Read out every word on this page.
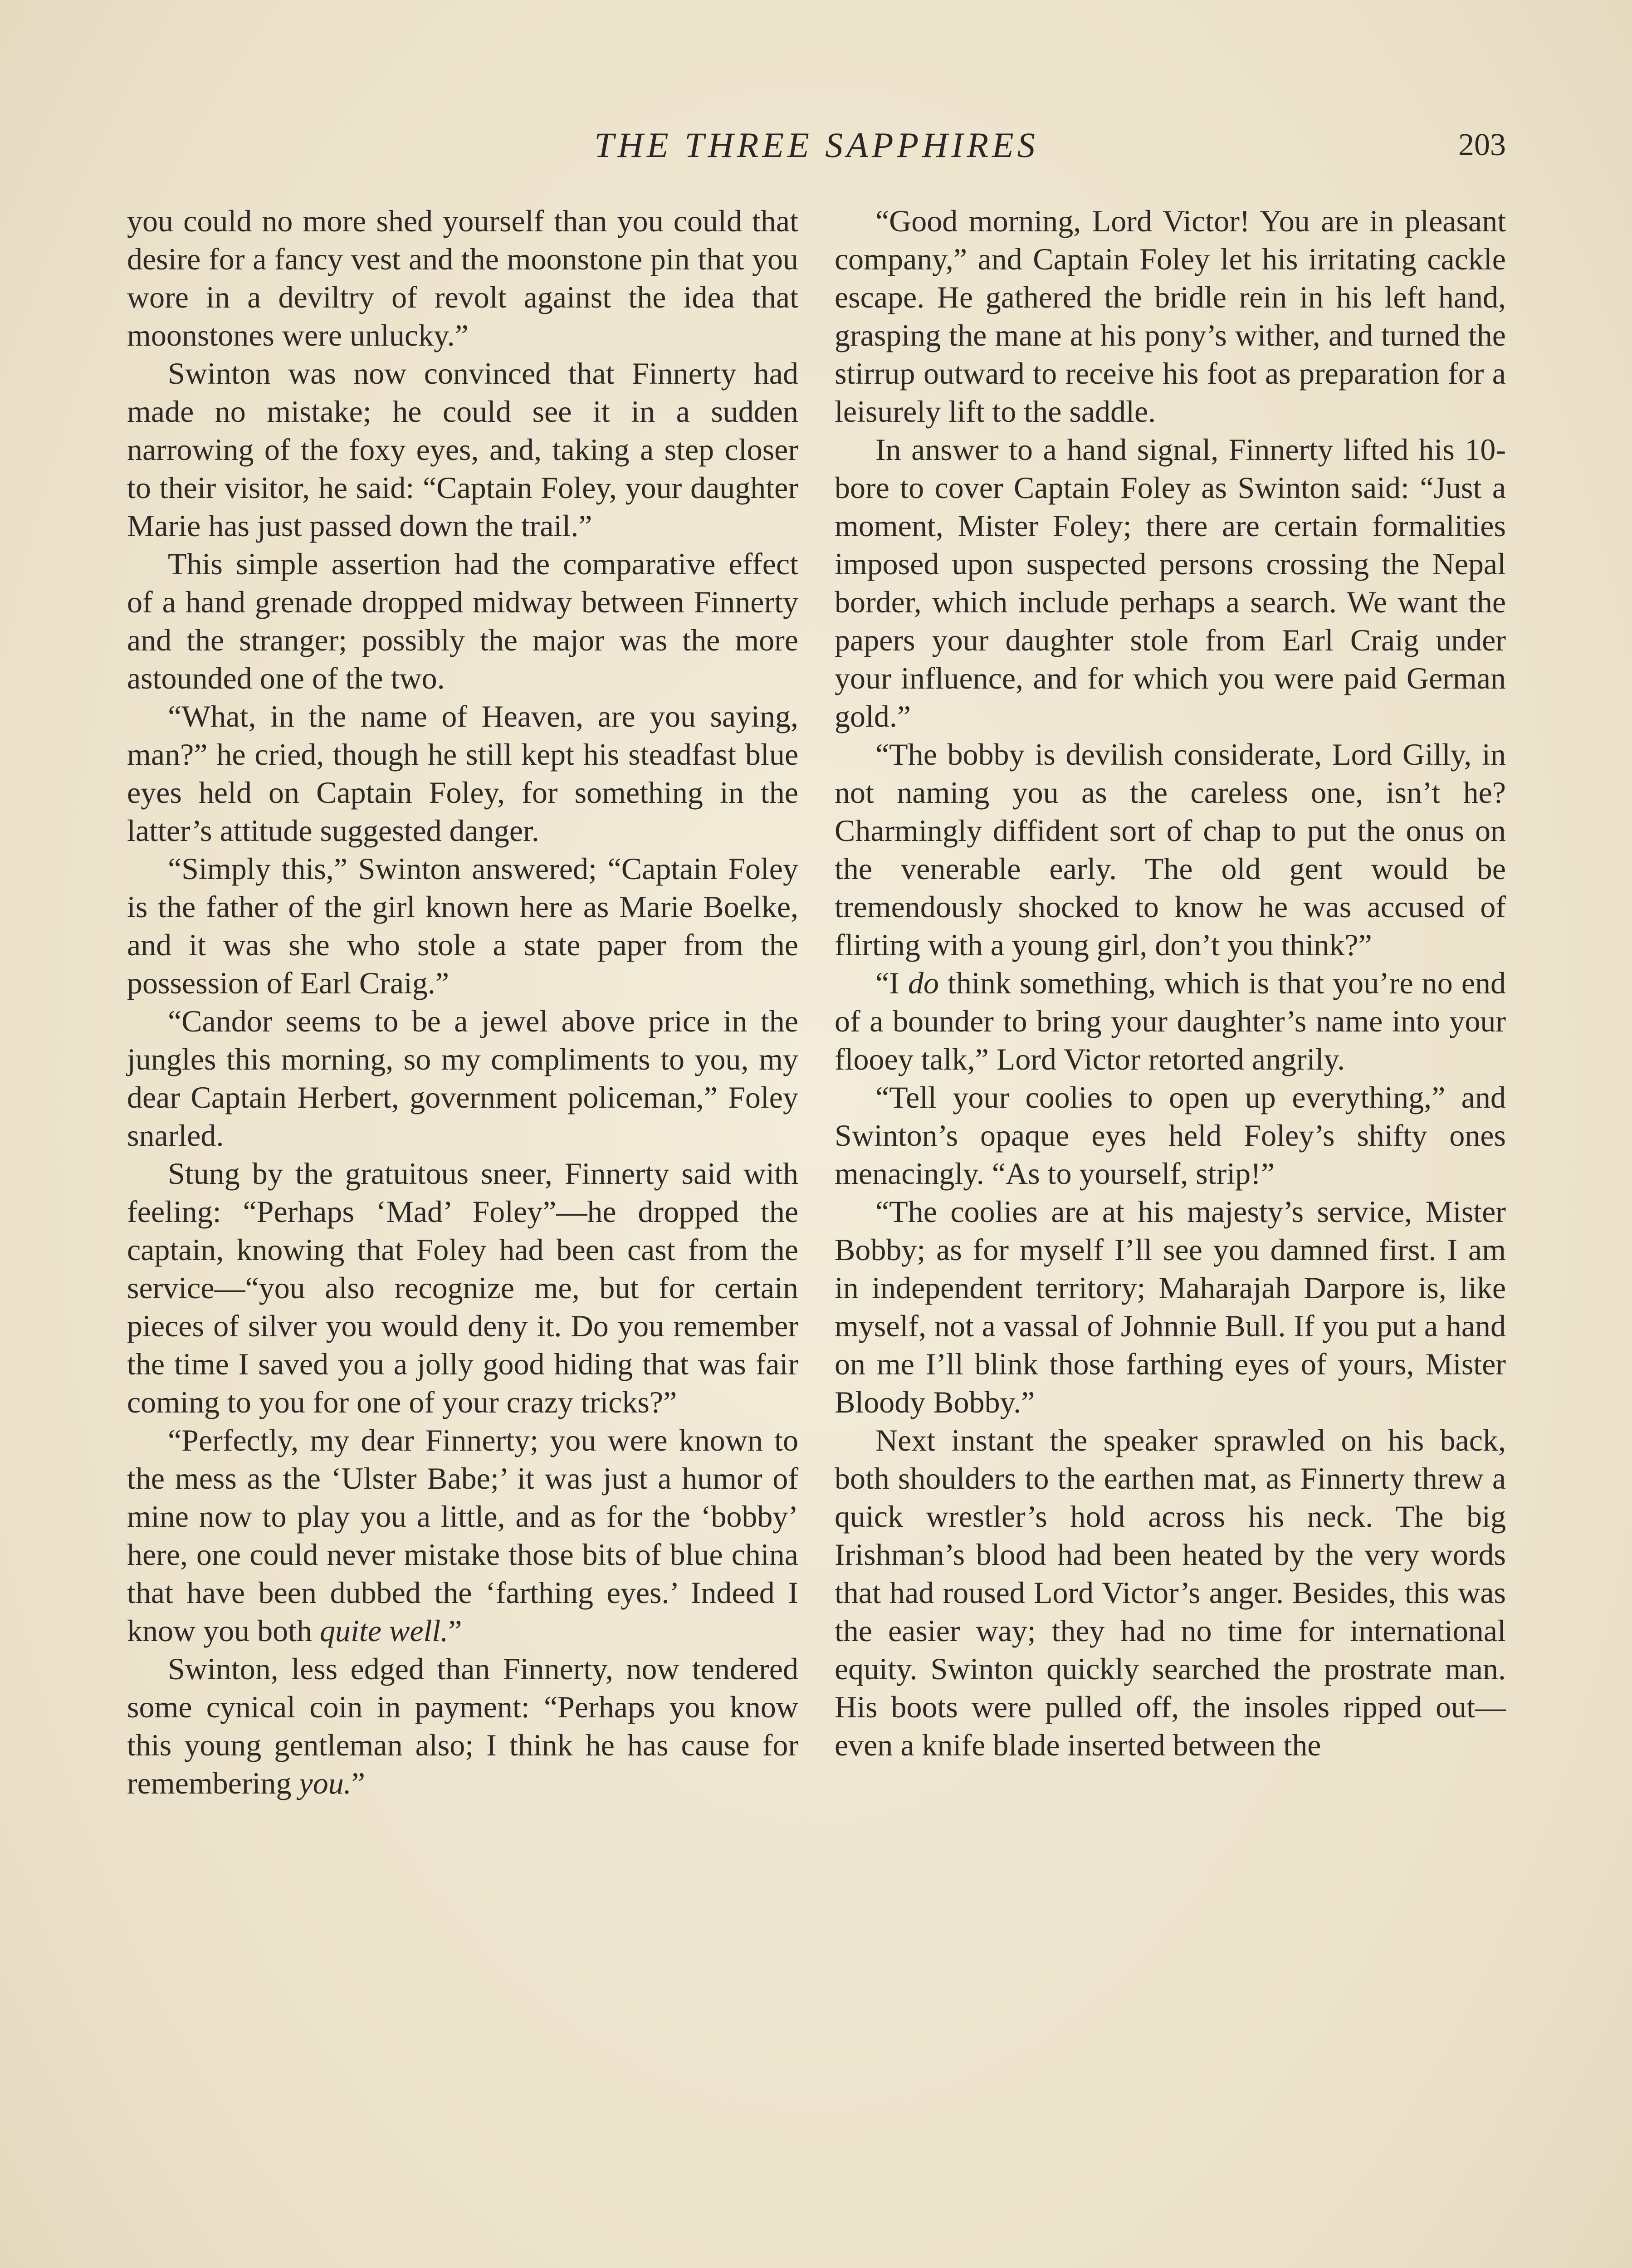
THE THREE SAPPHIRES	203

you could no more shed yourself than you could that desire for a fancy vest and the moonstone pin that you wore in a deviltry of revolt against the idea that moonstones were unlucky.”

Swinton was now convinced that Finnerty had made no mistake; he could see it in a sudden narrowing of the foxy eyes, and, taking a step closer to their visitor, he said: “Captain Foley, your daughter Marie has just passed down the trail.”

This simple assertion had the comparative effect of a hand grenade dropped midway between Finnerty and the stranger; possibly the major was the more astounded one of the two.

“What, in the name of Heaven, are you saying, man?” he cried, though he still kept his steadfast blue eyes held on Captain Foley, for something in the latter’s attitude suggested danger.

“Simply this,” Swinton answered; “Captain Foley is the father of the girl known here as Marie Boelke, and it was she who stole a state paper from the possession of Earl Craig.”

“Candor seems to be a jewel above price in the jungles this morning, so my compliments to you, my dear Captain Herbert, government policeman,” Foley snarled.

Stung by the gratuitous sneer, Finnerty said with feeling: “Perhaps ‘Mad’ Foley”—he dropped the captain, knowing that Foley had been cast from the service—“you also recognize me, but for certain pieces of silver you would deny it. Do you remember the time I saved you a jolly good hiding that was fair coming to you for one of your crazy tricks?”

“Perfectly, my dear Finnerty; you were known to the mess as the ‘Ulster Babe;’ it was just a humor of mine now to play you a little, and as for the ‘bobby’ here, one could never mistake those bits of blue china that have been dubbed the ‘farthing eyes.’ Indeed I know you both quite well.”

Swinton, less edged than Finnerty, now tendered some cynical coin in payment: “Perhaps you know this young gentleman also; I think he has cause for remembering you.”

“Good morning, Lord Victor! You are in pleasant company,” and Captain Foley let his irritating cackle escape. He gathered the bridle rein in his left hand, grasping the mane at his pony’s wither, and turned the stirrup outward to receive his foot as preparation for a leisurely lift to the saddle.

In answer to a hand signal, Finnerty lifted his 10-bore to cover Captain Foley as Swinton said: “Just a moment, Mister Foley; there are certain formalities imposed upon suspected persons crossing the Nepal border, which include perhaps a search. We want the papers your daughter stole from Earl Craig under your influence, and for which you were paid German gold.”

“The bobby is devilish considerate, Lord Gilly, in not naming you as the careless one, isn’t he? Charmingly diffident sort of chap to put the onus on the venerable early. The old gent would be tremendously shocked to know he was accused of flirting with a young girl, don’t you think?”

“I do think something, which is that you’re no end of a bounder to bring your daughter’s name into your flooey talk,” Lord Victor retorted angrily.

“Tell your coolies to open up everything,” and Swinton’s opaque eyes held Foley’s shifty ones menacingly. “As to yourself, strip!”

“The coolies are at his majesty’s service, Mister Bobby; as for myself I’ll see you damned first. I am in independent territory; Maharajah Darpore is, like myself, not a vassal of Johnnie Bull. If you put a hand on me I’ll blink those farthing eyes of yours, Mister Bloody Bobby.”

Next instant the speaker sprawled on his back, both shoulders to the earthen mat, as Finnerty threw a quick wrestler’s hold across his neck. The big Irishman’s blood had been heated by the very words that had roused Lord Victor’s anger. Besides, this was the easier way; they had no time for international equity. Swinton quickly searched the prostrate man. His boots were pulled off, the insoles ripped out—even a knife blade inserted between the
